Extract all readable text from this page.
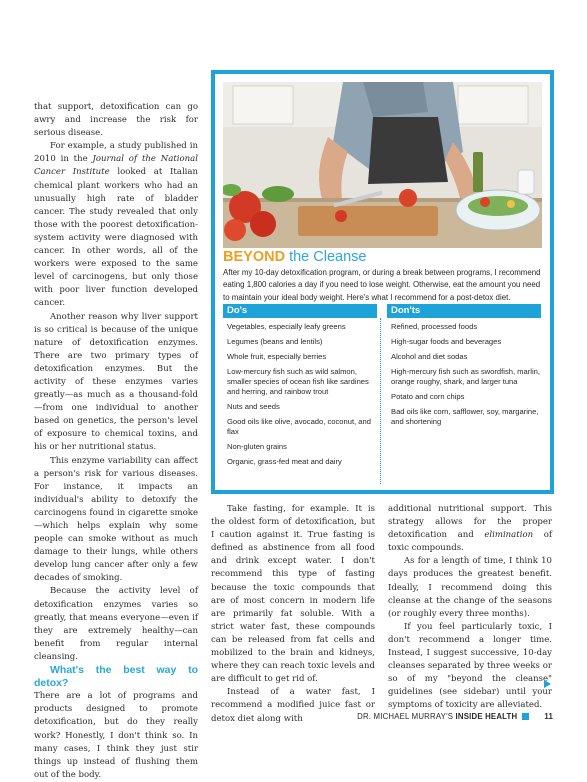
that support, detoxification can go awry and increase the risk for serious disease.

For example, a study published in 2010 in the Journal of the National Cancer Institute looked at Italian chemical plant workers who had an unusually high rate of bladder cancer. The study revealed that only those with the poorest detoxification-system activity were diagnosed with cancer. In other words, all of the workers were exposed to the same level of carcinogens, but only those with poor liver function developed cancer.

Another reason why liver support is so critical is because of the unique nature of detoxification enzymes. There are two primary types of detoxification enzymes. But the activity of these enzymes varies greatly—as much as a thousand-fold—from one individual to another based on genetics, the person's level of exposure to chemical toxins, and his or her nutritional status.

This enzyme variability can affect a person's risk for various diseases. For instance, it impacts an individual's ability to detoxify the carcinogens found in cigarette smoke—which helps explain why some people can smoke without as much damage to their lungs, while others develop lung cancer after only a few decades of smoking.

Because the activity level of detoxification enzymes varies so greatly, that means everyone—even if they are extremely healthy—can benefit from regular internal cleansing.

What's the best way to detox?

There are a lot of programs and products designed to promote detoxification, but do they really work? Honestly, I don't think so. In many cases, I think they just stir things up instead of flushing them out of the body.

BEYOND the Cleanse
After my 10-day detoxification program, or during a break between programs, I recommend eating 1,800 calories a day if you need to lose weight. Otherwise, eat the amount you need to maintain your ideal body weight. Here's what I recommend for a post-detox diet.
Do's
Vegetables, especially leafy greens
Legumes (beans and lentils)
Whole fruit, especially berries
Low-mercury fish such as wild salmon, smaller species of ocean fish like sardines and herring, and rainbow trout
Nuts and seeds
Good oils like olive, avocado, coconut, and flax
Non-gluten grains
Organic, grass-fed meat and dairy
Don'ts
Refined, processed foods
High-sugar foods and beverages
Alcohol and diet sodas
High-mercury fish such as swordfish, marlin, orange roughy, shark, and larger tuna
Potato and corn chips
Bad oils like corn, safflower, soy, margarine, and shortening

Take fasting, for example. It is the oldest form of detoxification, but I caution against it. True fasting is defined as abstinence from all food and drink except water. I don't recommend this type of fasting because the toxic compounds that are of most concern in modern life are primarily fat soluble. With a strict water fast, these compounds can be released from fat cells and mobilized to the brain and kidneys, where they can reach toxic levels and are difficult to get rid of.

Instead of a water fast, I recommend a modified juice fast or detox diet along with

additional nutritional support. This strategy allows for the proper detoxification and elimination of toxic compounds.

As for a length of time, I think 10 days produces the greatest benefit. Ideally, I recommend doing this cleanse at the change of the seasons (or roughly every three months).

If you feel particularly toxic, I don't recommend a longer time. Instead, I suggest successive, 10-day cleanses separated by three weeks or so of my "beyond the cleanse" guidelines (see sidebar) until your symptoms of toxicity are alleviated.

DR. MICHAEL MURRAY'S INSIDE HEALTH	11
